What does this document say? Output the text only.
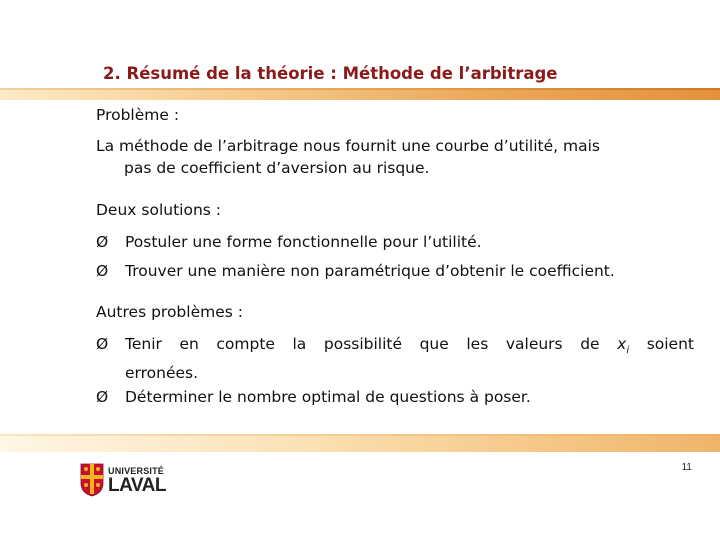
2. Résumé de la théorie : Méthode de l’arbitrage
Problème :
La méthode de l’arbitrage nous fournit une courbe d’utilité, mais
pas de coefficient d’aversion au risque.
Deux solutions :
Ø	Postuler une forme fonctionnelle pour l’utilité.
Ø	Trouver une manière non paramétrique d’obtenir le coefficient.
Autres problèmes :
Ø	Tenir en compte la possibilité que les valeurs de $x_i$ soient
erronées.
Ø	Déterminer le nombre optimal de questions à poser.
UNIVERSITÉ
LAVAL
11
